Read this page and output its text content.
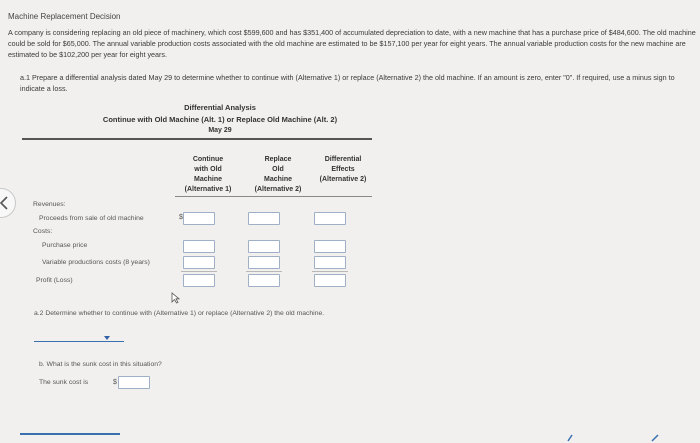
Machine Replacement Decision
A company is considering replacing an old piece of machinery, which cost $599,600 and has $351,400 of accumulated depreciation to date, with a new machine that has a purchase price of $484,600. The old machine could be sold for $65,000. The annual variable production costs associated with the old machine are estimated to be $157,100 per year for eight years. The annual variable production costs for the new machine are estimated to be $102,200 per year for eight years.
a.1 Prepare a differential analysis dated May 29 to determine whether to continue with (Alternative 1) or replace (Alternative 2) the old machine. If an amount is zero, enter "0". If required, use a minus sign to indicate a loss.
Differential Analysis
Continue with Old Machine (Alt. 1) or Replace Old Machine (Alt. 2)
May 29
Continue
with Old
Machine
(Alternative 1)
Replace
Old
Machine
(Alternative 2)
Differential
Effects
(Alternative 2)
Revenues:
Proceeds from sale of old machine
Costs:
Purchase price
Variable productions costs (8 years)
Profit (Loss)
$
a.2 Determine whether to continue with (Alternative 1) or replace (Alternative 2) the old machine.
b. What is the sunk cost in this situation?
The sunk cost is	$
